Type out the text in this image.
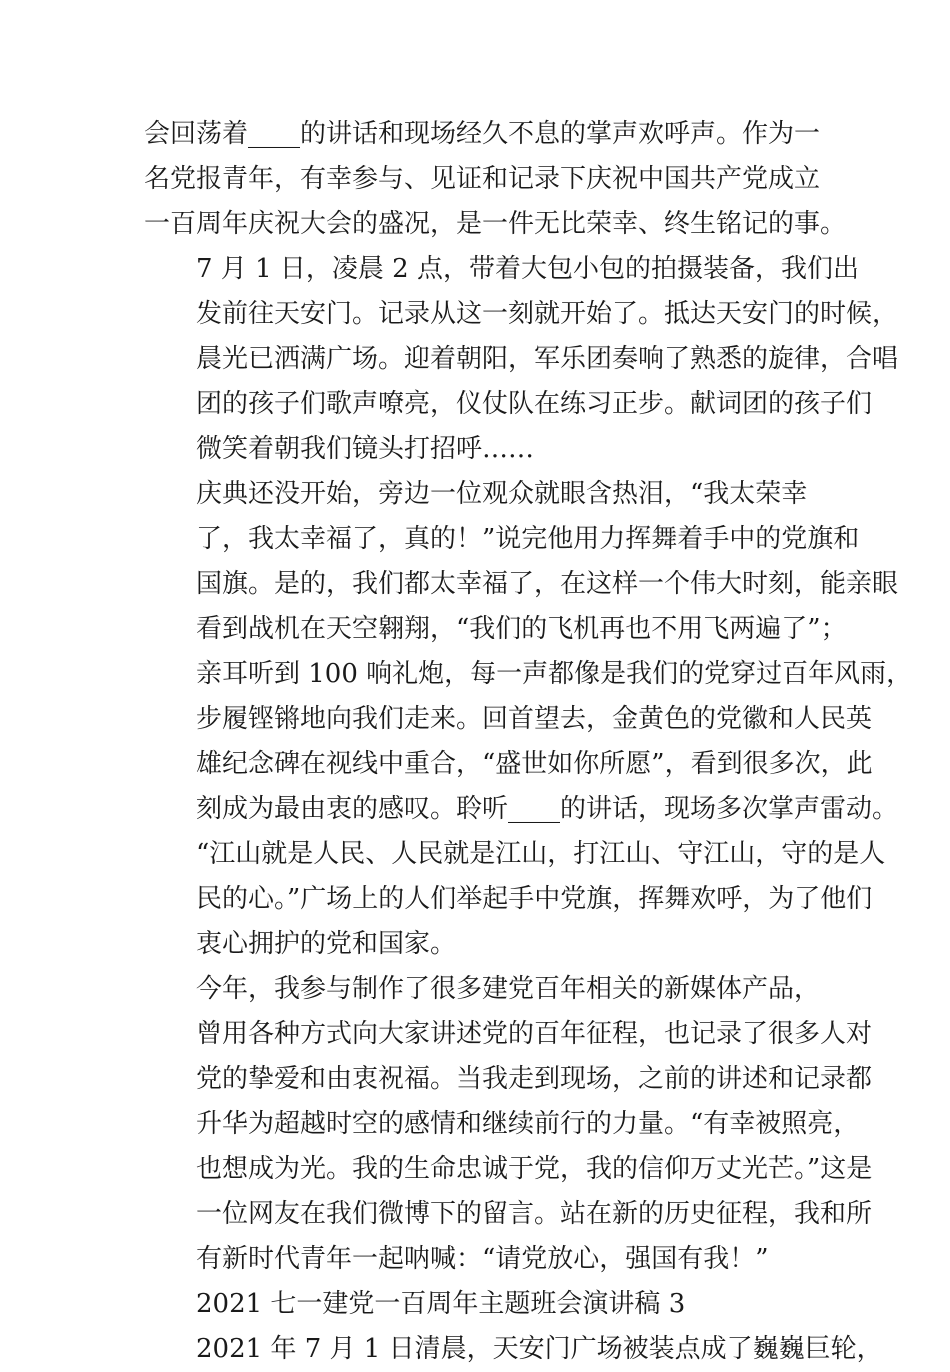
会回荡着____的讲话和现场经久不息的掌声欢呼声。作为一
名党报青年，有幸参与、见证和记录下庆祝中国共产党成立
一百周年庆祝大会的盛况，是一件无比荣幸、终生铭记的事。
7 月 1 日，凌晨 2 点，带着大包小包的拍摄装备，我们出
发前往天安门。记录从这一刻就开始了。抵达天安门的时候，
晨光已洒满广场。迎着朝阳，军乐团奏响了熟悉的旋律，合唱
团的孩子们歌声嘹亮，仪仗队在练习正步。献词团的孩子们
微笑着朝我们镜头打招呼……
庆典还没开始，旁边一位观众就眼含热泪，“我太荣幸
了，我太幸福了，真的！”说完他用力挥舞着手中的党旗和
国旗。是的，我们都太幸福了，在这样一个伟大时刻，能亲眼
看到战机在天空翱翔，“我们的飞机再也不用飞两遍了”；
亲耳听到 100 响礼炮，每一声都像是我们的党穿过百年风雨，
步履铿锵地向我们走来。回首望去，金黄色的党徽和人民英
雄纪念碑在视线中重合，“盛世如你所愿”，看到很多次，此
刻成为最由衷的感叹。聆听____的讲话，现场多次掌声雷动。
“江山就是人民、人民就是江山，打江山、守江山，守的是人
民的心。”广场上的人们举起手中党旗，挥舞欢呼，为了他们
衷心拥护的党和国家。
今年，我参与制作了很多建党百年相关的新媒体产品，
曾用各种方式向大家讲述党的百年征程，也记录了很多人对
党的挚爱和由衷祝福。当我走到现场，之前的讲述和记录都
升华为超越时空的感情和继续前行的力量。“有幸被照亮，
也想成为光。我的生命忠诚于党，我的信仰万丈光芒。”这是
一位网友在我们微博下的留言。站在新的历史征程，我和所
有新时代青年一起呐喊：“请党放心，强国有我！”
2021 七一建党一百周年主题班会演讲稿 3
2021 年 7 月 1 日清晨，天安门广场被装点成了巍巍巨轮，
